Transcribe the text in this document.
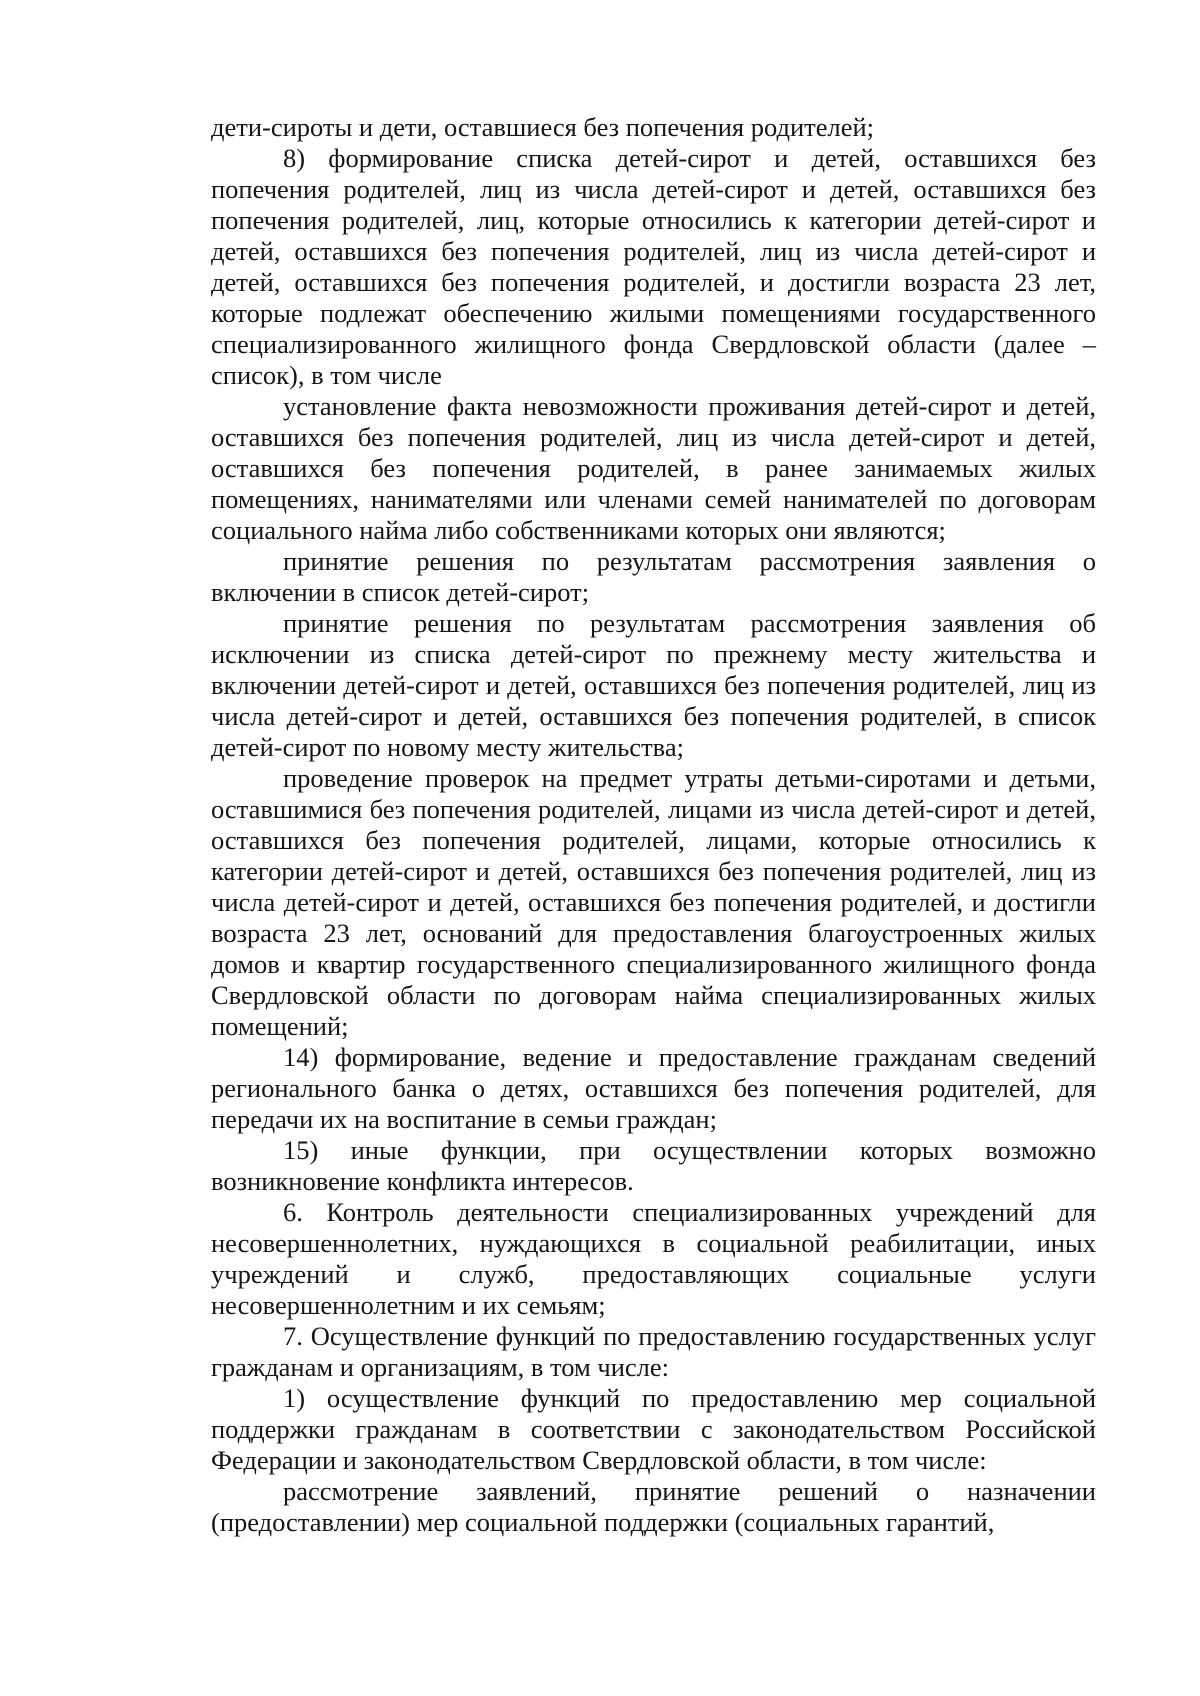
дети-сироты и дети, оставшиеся без попечения родителей;

8) формирование списка детей-сирот и детей, оставшихся без попечения родителей, лиц из числа детей-сирот и детей, оставшихся без попечения родителей, лиц, которые относились к категории детей-сирот и детей, оставшихся без попечения родителей, лиц из числа детей-сирот и детей, оставшихся без попечения родителей, и достигли возраста 23 лет, которые подлежат обеспечению жилыми помещениями государственного специализированного жилищного фонда Свердловской области (далее – список), в том числе

установление факта невозможности проживания детей-сирот и детей, оставшихся без попечения родителей, лиц из числа детей-сирот и детей, оставшихся без попечения родителей, в ранее занимаемых жилых помещениях, нанимателями или членами семей нанимателей по договорам социального найма либо собственниками которых они являются;

принятие решения по результатам рассмотрения заявления о включении в список детей-сирот;

принятие решения по результатам рассмотрения заявления об исключении из списка детей-сирот по прежнему месту жительства и включении детей-сирот и детей, оставшихся без попечения родителей, лиц из числа детей-сирот и детей, оставшихся без попечения родителей, в список детей-сирот по новому месту жительства;

проведение проверок на предмет утраты детьми-сиротами и детьми, оставшимися без попечения родителей, лицами из числа детей-сирот и детей, оставшихся без попечения родителей, лицами, которые относились к категории детей-сирот и детей, оставшихся без попечения родителей, лиц из числа детей-сирот и детей, оставшихся без попечения родителей, и достигли возраста 23 лет, оснований для предоставления благоустроенных жилых домов и квартир государственного специализированного жилищного фонда Свердловской области по договорам найма специализированных жилых помещений;

14) формирование, ведение и предоставление гражданам сведений регионального банка о детях, оставшихся без попечения родителей, для передачи их на воспитание в семьи граждан;

15) иные функции, при осуществлении которых возможно возникновение конфликта интересов.

6. Контроль деятельности специализированных учреждений для несовершеннолетних, нуждающихся в социальной реабилитации, иных учреждений и служб, предоставляющих социальные услуги несовершеннолетним и их семьям;

7. Осуществление функций по предоставлению государственных услуг гражданам и организациям, в том числе:

1) осуществление функций по предоставлению мер социальной поддержки гражданам в соответствии с законодательством Российской Федерации и законодательством Свердловской области, в том числе:

рассмотрение заявлений, принятие решений о назначении (предоставлении) мер социальной поддержки (социальных гарантий,
